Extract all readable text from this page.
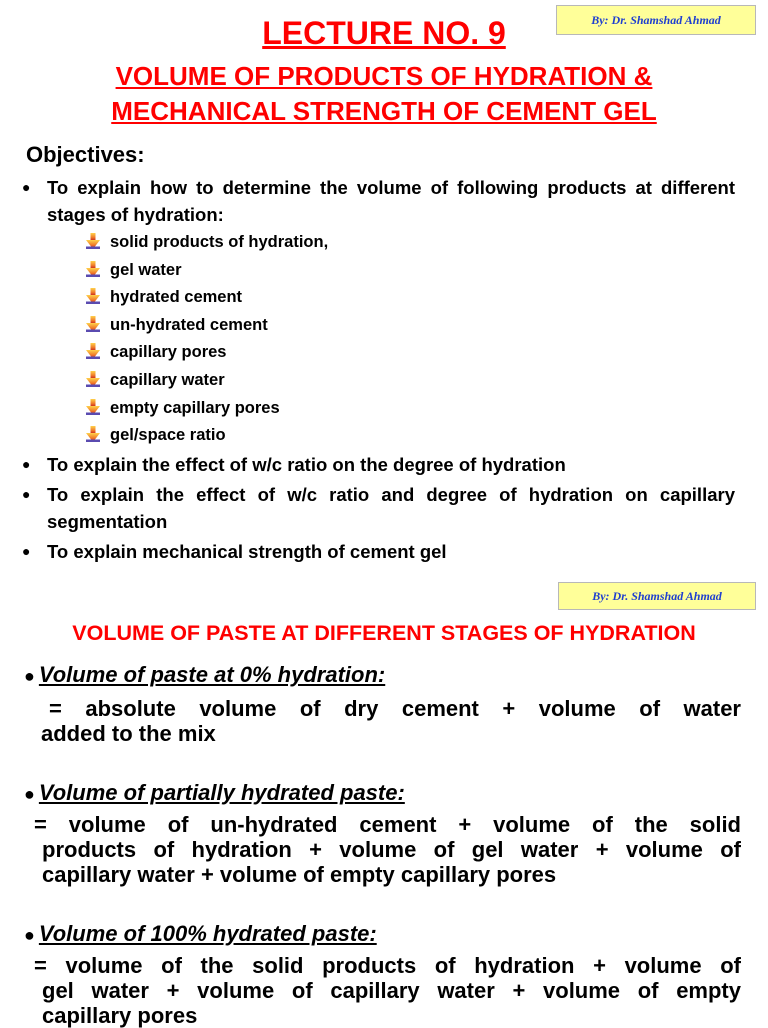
By: Dr. Shamshad Ahmad
LECTURE NO. 9
VOLUME OF PRODUCTS OF HYDRATION &
MECHANICAL STRENGTH OF CEMENT GEL
Objectives:
● To explain how to determine the volume of following products at different stages of hydration:
solid products of hydration,
gel water
hydrated cement
un-hydrated cement
capillary pores
capillary water
empty capillary pores
gel/space ratio
● To explain the effect of w/c ratio on the degree of hydration
● To explain the effect of w/c ratio and degree of hydration on capillary segmentation
● To explain mechanical strength of cement gel
By: Dr. Shamshad Ahmad
VOLUME OF PASTE AT DIFFERENT STAGES OF HYDRATION
● Volume of paste at 0% hydration:
= absolute volume of dry cement + volume of water
added to the mix
● Volume of partially hydrated paste:
= volume of un-hydrated cement + volume of the solid
products of hydration + volume of gel water + volume of
capillary water + volume of empty capillary pores
● Volume of 100% hydrated paste:
= volume of the solid products of hydration + volume of
gel water + volume of capillary water + volume of empty
capillary pores
